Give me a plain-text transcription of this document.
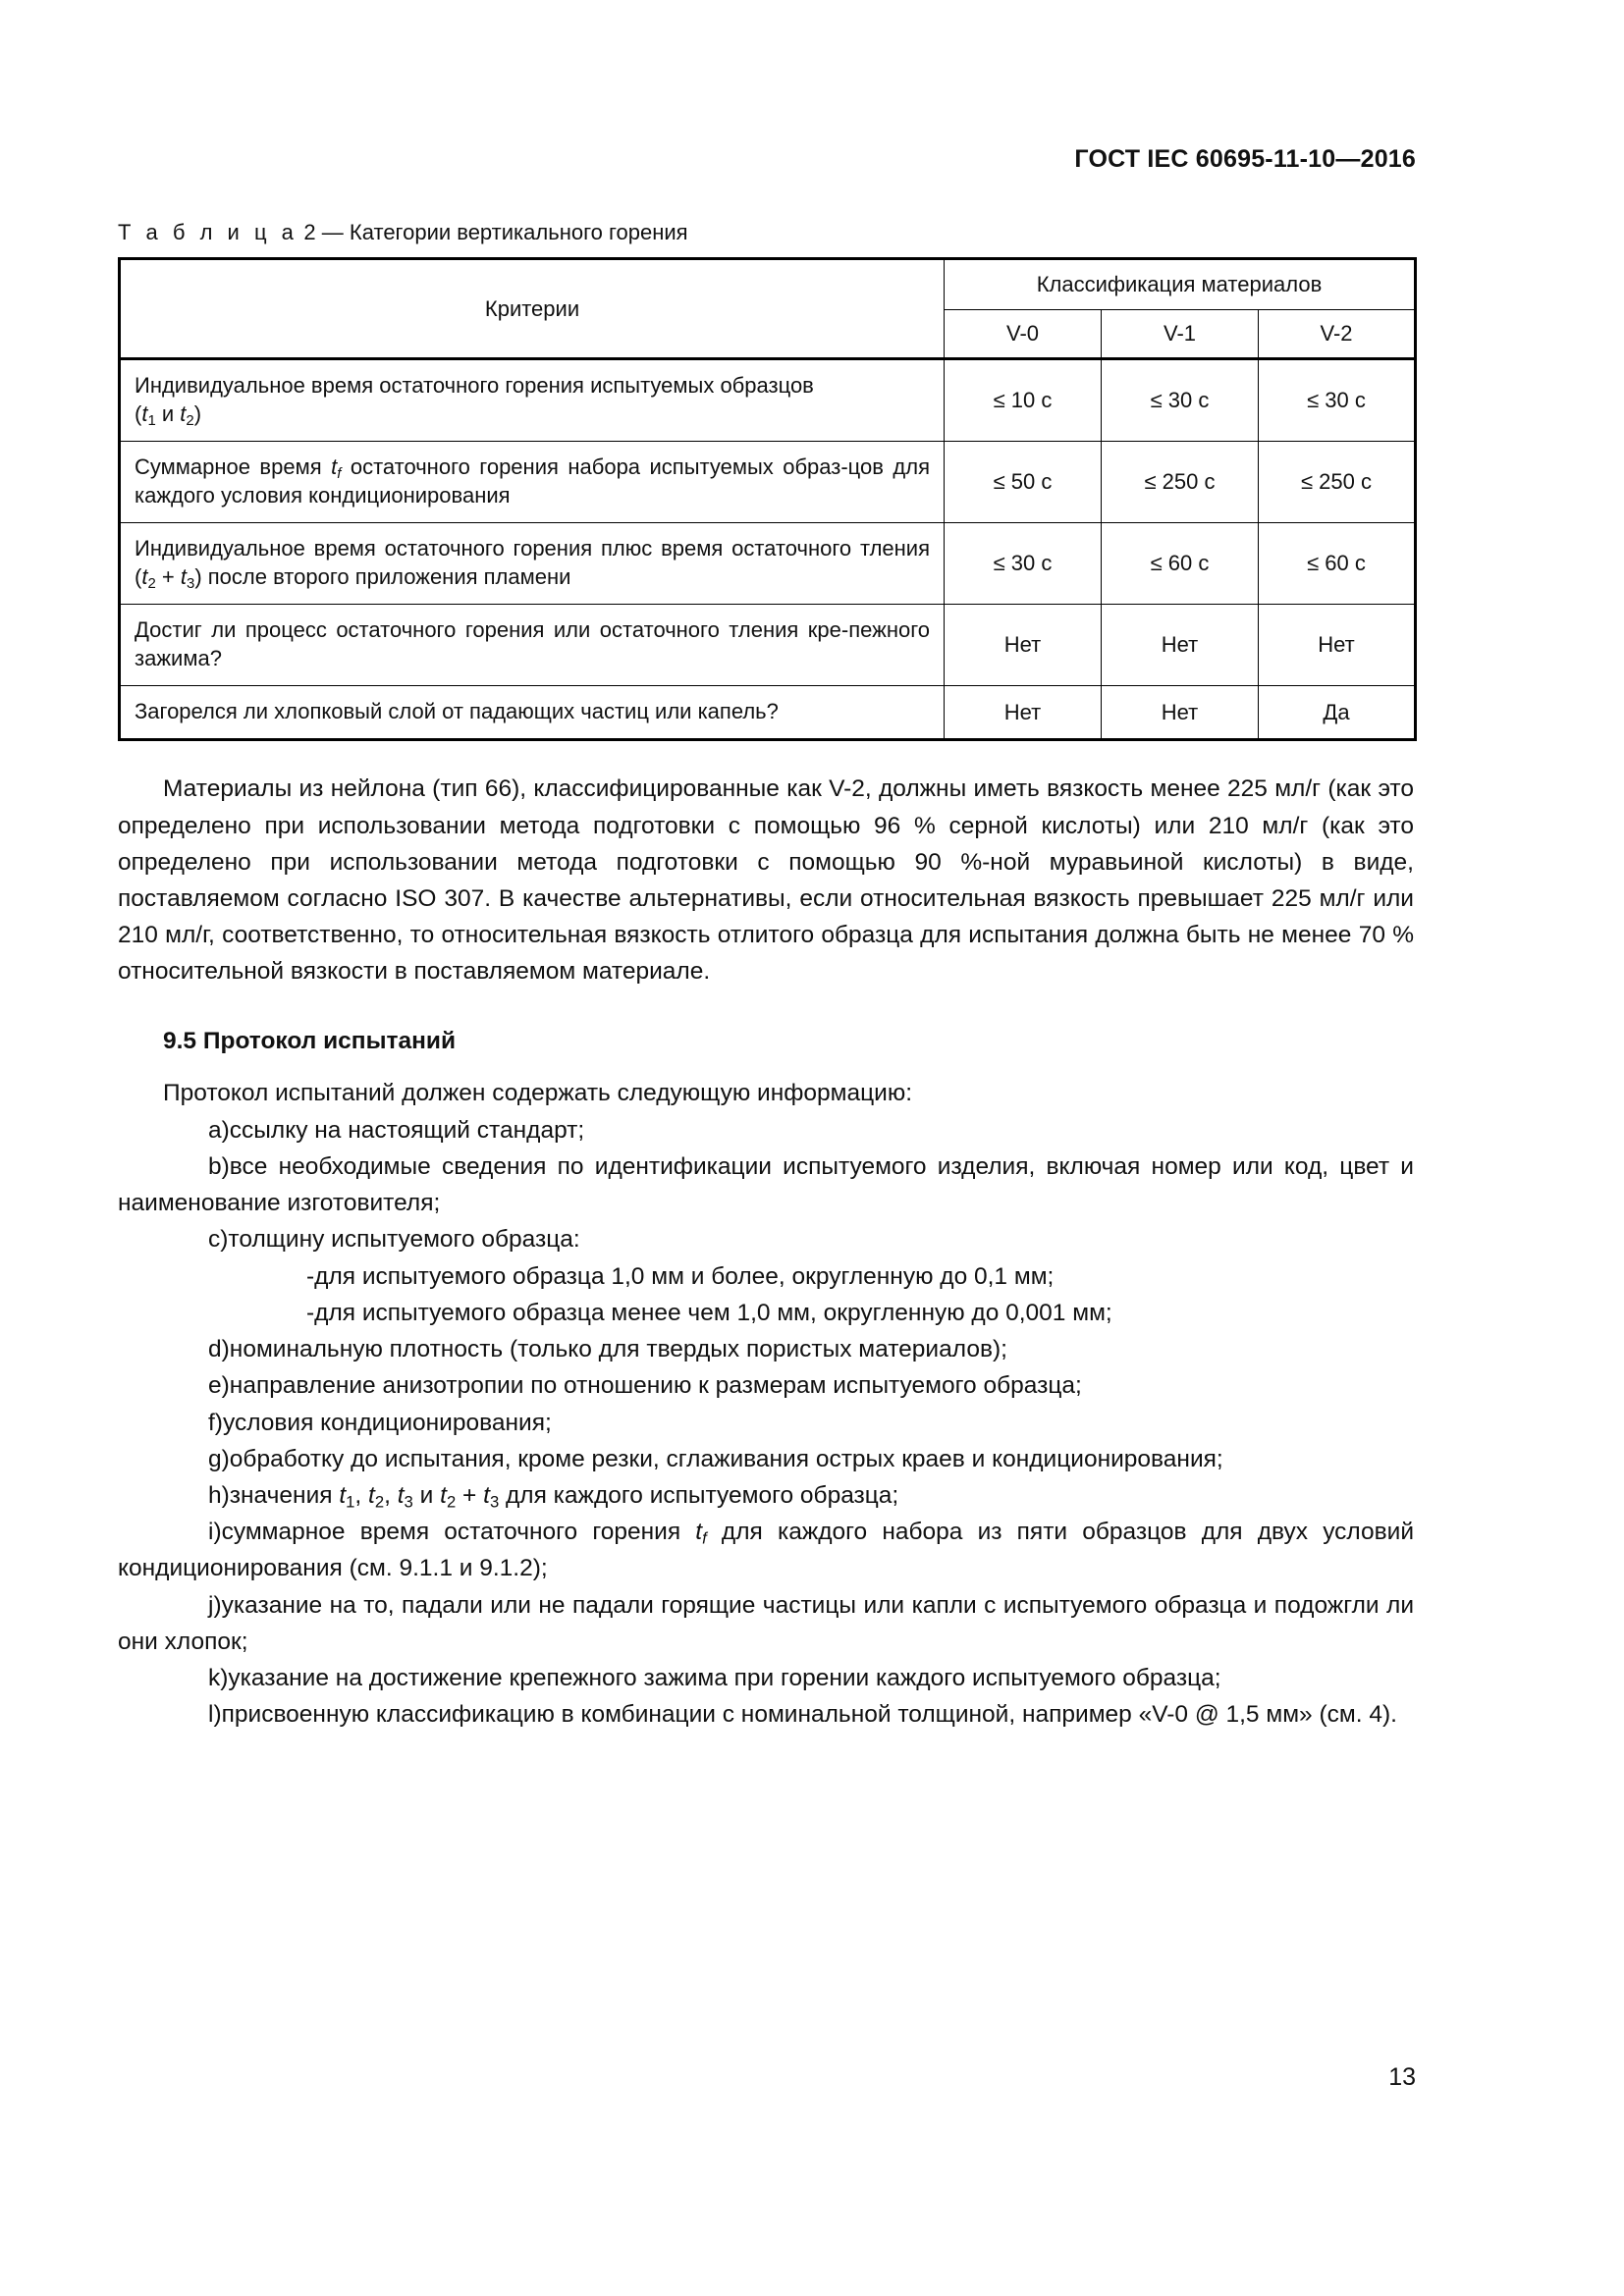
ГОСТ IEC 60695-11-10—2016
Т а б л и ц а 2 — Категории вертикального горения
Критерии	Классификация материалов		
	V-0	V-1	V-2
Индивидуальное время остаточного горения испытуемых образцов
($t_1$ и $t_2$)	≤ 10 с	≤ 30 с	≤ 30 с
Суммарное время $t_f$ остаточного горения набора испытуемых образ-цов для каждого условия кондиционирования	≤ 50 с	≤ 250 с	≤ 250 с
Индивидуальное время остаточного горения плюс время остаточного тления $(t_2 + t_3)$ после второго приложения пламени	≤ 30 с	≤ 60 с	≤ 60 с
Достиг ли процесс остаточного горения или остаточного тления кре-пежного зажима?	Нет	Нет	Нет
Загорелся ли хлопковый слой от падающих частиц или капель?	Нет	Нет	Да

Материалы из нейлона (тип 66), классифицированные как V-2, должны иметь вязкость менее 225 мл/г (как это определено при использовании метода подготовки с помощью 96 % серной кислоты) или 210 мл/г (как это определено при использовании метода подготовки с помощью 90 %-ной муравьиной кислоты) в виде, поставляемом согласно ISO 307. В качестве альтернативы, если относительная вязкость превышает 225 мл/г или 210 мл/г, соответственно, то относительная вязкость отлитого образца для испытания должна быть не менее 70 % относительной вязкости в поставляемом материале.

9.5 Протокол испытаний

Протокол испытаний должен содержать следующую информацию:

a)ссылку на настоящий стандарт;

b)все необходимые сведения по идентификации испытуемого изделия, включая номер или код, цвет и наименование изготовителя;

c)толщину испытуемого образца:

-для испытуемого образца 1,0 мм и более, округленную до 0,1 мм;

-для испытуемого образца менее чем 1,0 мм, округленную до 0,001 мм;

d)номинальную плотность (только для твердых пористых материалов);

e)направление анизотропии по отношению к размерам испытуемого образца;

f)условия кондиционирования;

g)обработку до испытания, кроме резки, сглаживания острых краев и кондиционирования;

h)значения $t_1$, $t_2$, $t_3$ и $t_2 + t_3$ для каждого испытуемого образца;

i)суммарное время остаточного горения $t_f$ для каждого набора из пяти образцов для двух условий кондиционирования (см. 9.1.1 и 9.1.2);

j)указание на то, падали или не падали горящие частицы или капли с испытуемого образца и подожгли ли они хлопок;

k)указание на достижение крепежного зажима при горении каждого испытуемого образца;

l)присвоенную классификацию в комбинации с номинальной толщиной, например «V-0 @ 1,5 мм» (см. 4).

13
